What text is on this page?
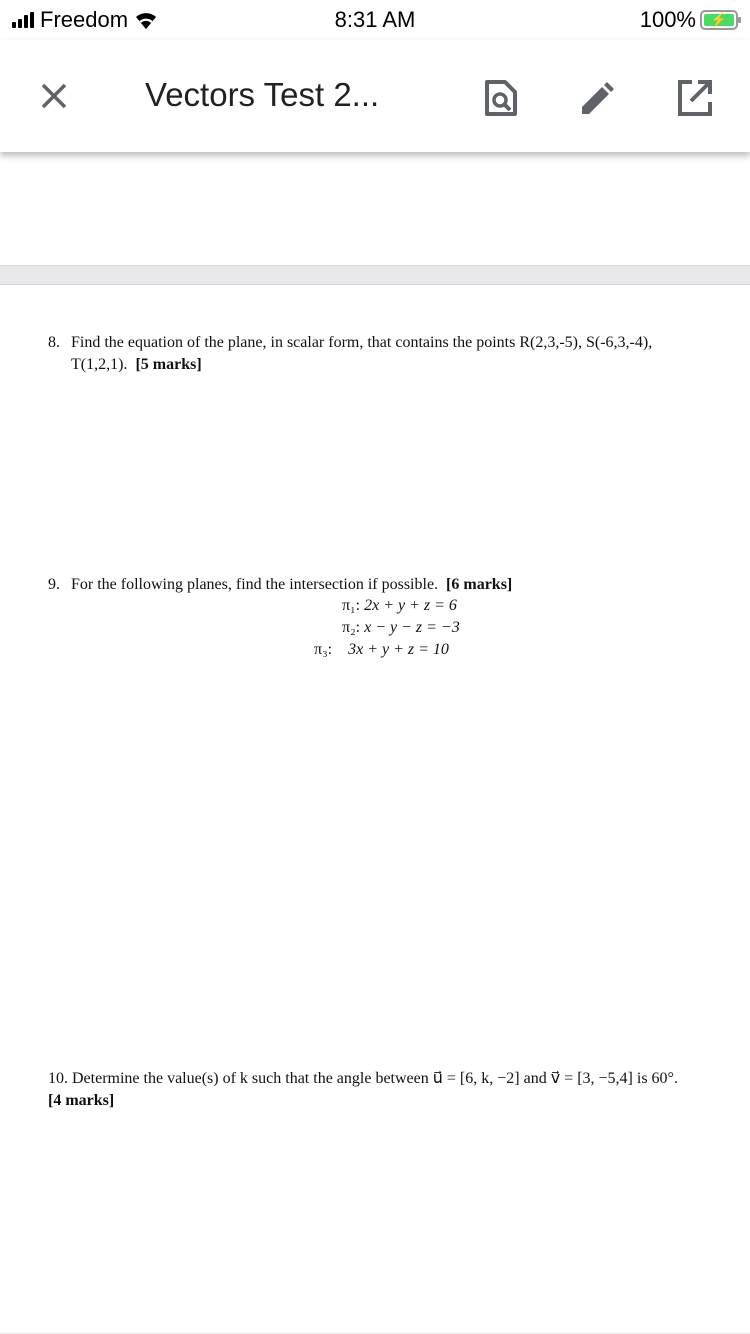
Freedom	8:31 AM	100%	⚡
Vectors Test 2...
8. Find the equation of the plane, in scalar form, that contains the points R(2,3,-5), S(-6,3,-4),
T(1,2,1). [5 marks]
9. For the following planes, find the intersection if possible. [6 marks]
π₁: 2x + y + z = 6
π₂: x − y − z = −3
π₃: 3x + y + z = 10
10. Determine the value(s) of k such that the angle between u⃗ = [6, k, −2] and v⃗ = [3, −5,4] is 60°.
[4 marks]
